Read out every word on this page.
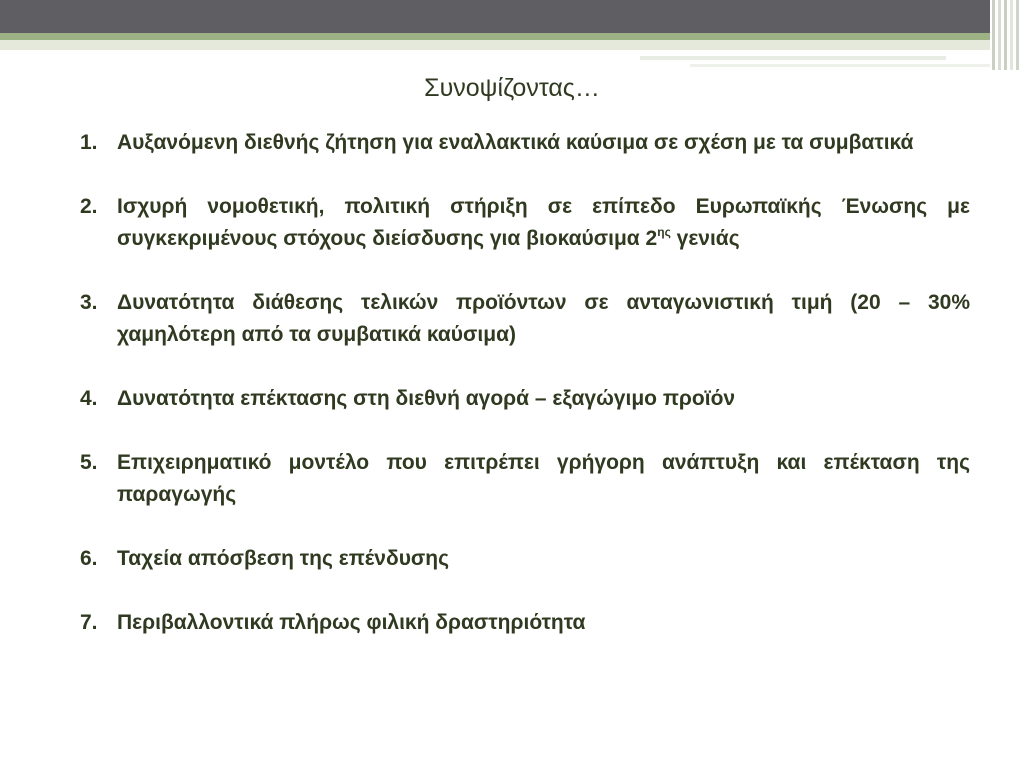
Συνοψίζοντας…
1. Αυξανόμενη διεθνής ζήτηση για εναλλακτικά καύσιμα σε σχέση με τα συμβατικά
2. Ισχυρή νομοθετική, πολιτική στήριξη σε επίπεδο Ευρωπαϊκής Ένωσης με συγκεκριμένους στόχους διείσδυσης για βιοκαύσιμα $2^{\eta\varsigma}$ γενιάς
3. Δυνατότητα διάθεσης τελικών προϊόντων σε ανταγωνιστική τιμή (20 – 30% χαμηλότερη από τα συμβατικά καύσιμα)
4. Δυνατότητα επέκτασης στη διεθνή αγορά – εξαγώγιμο προϊόν
5. Επιχειρηματικό μοντέλο που επιτρέπει γρήγορη ανάπτυξη και επέκταση της παραγωγής
6. Ταχεία απόσβεση της επένδυσης
7. Περιβαλλοντικά πλήρως φιλική δραστηριότητα
